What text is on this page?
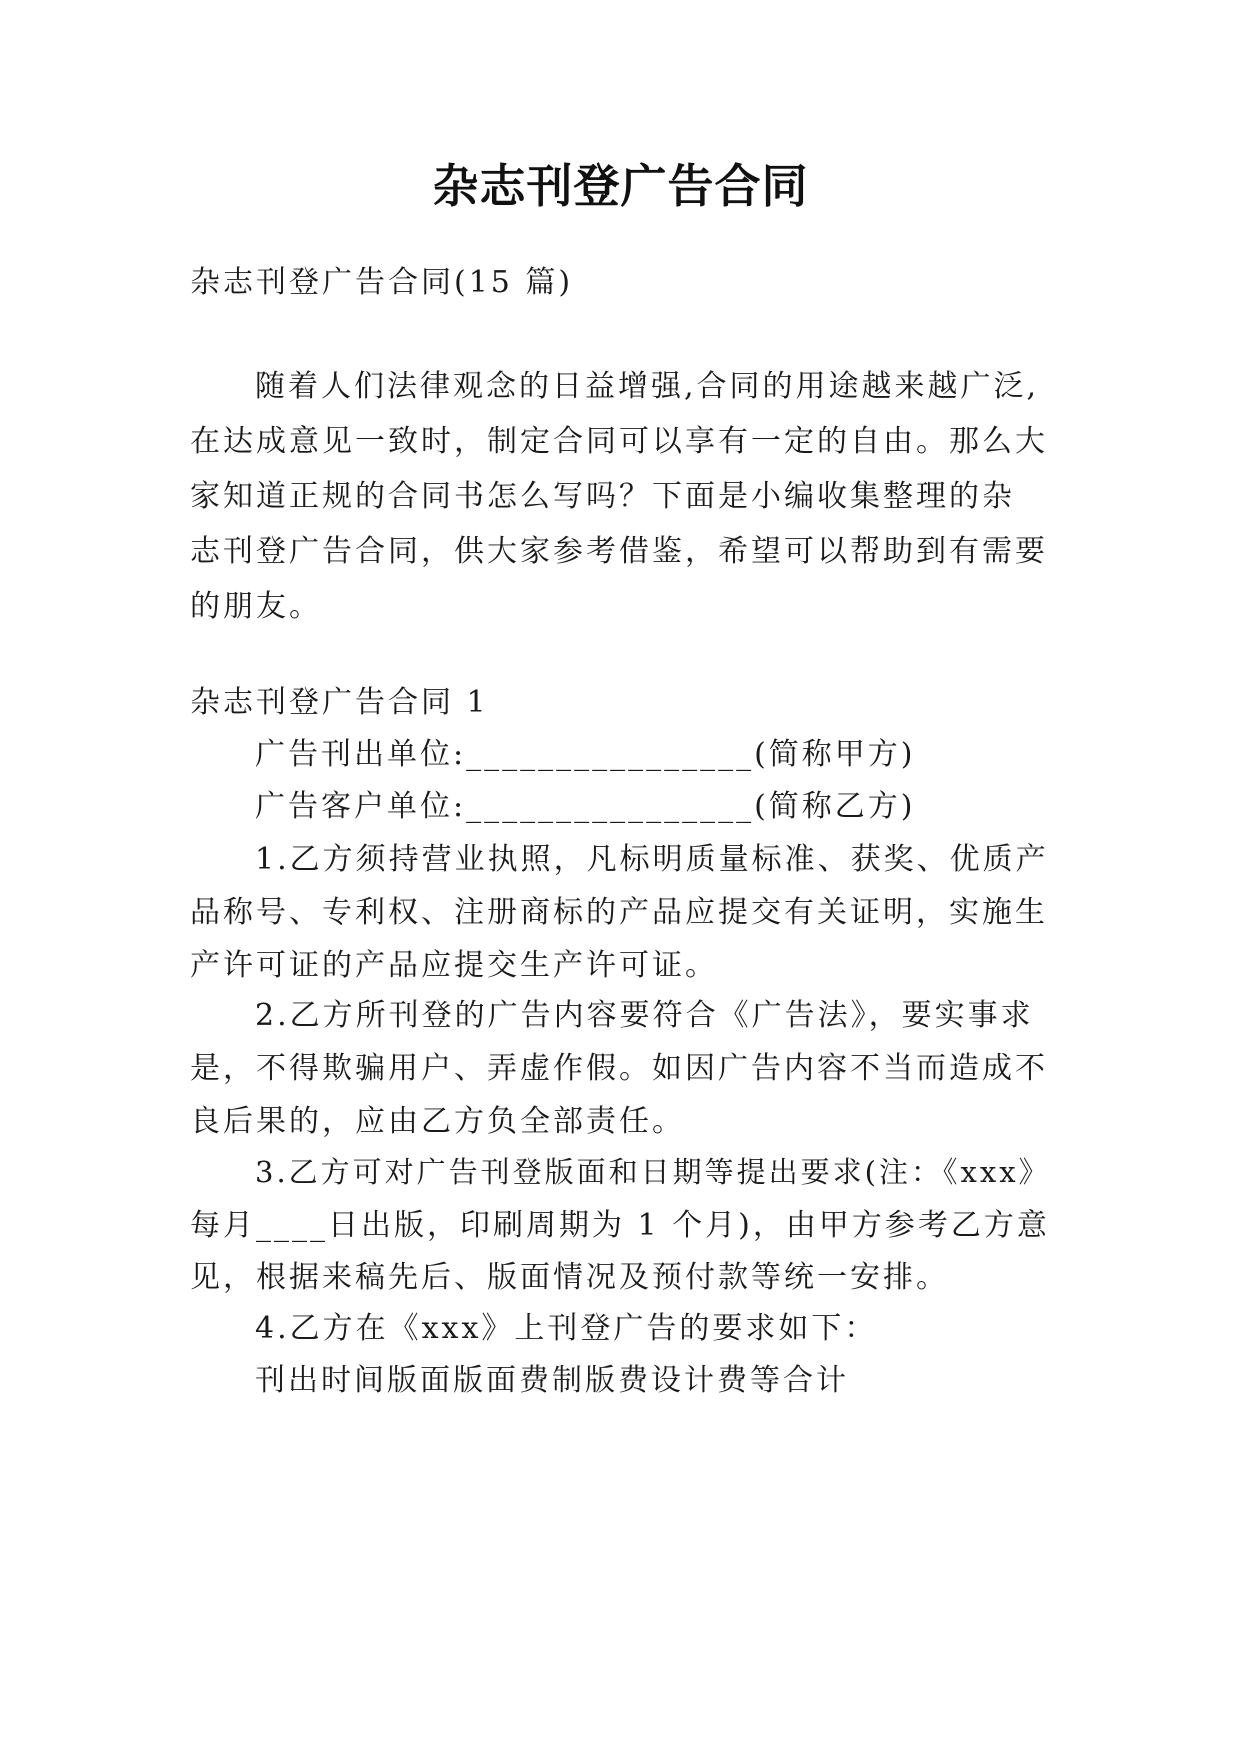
杂志刊登广告合同
杂志刊登广告合同(15 篇)
随着人们法律观念的日益增强,合同的用途越来越广泛,
在达成意见一致时，制定合同可以享有一定的自由。那么大
家知道正规的合同书怎么写吗？下面是小编收集整理的杂
志刊登广告合同，供大家参考借鉴，希望可以帮助到有需要
的朋友。
杂志刊登广告合同 1
广告刊出单位:________________(简称甲方)
广告客户单位:________________(简称乙方)
1.乙方须持营业执照，凡标明质量标准、获奖、优质产
品称号、专利权、注册商标的产品应提交有关证明，实施生
产许可证的产品应提交生产许可证。
2.乙方所刊登的广告内容要符合《广告法》，要实事求
是，不得欺骗用户、弄虚作假。如因广告内容不当而造成不
良后果的，应由乙方负全部责任。
3.乙方可对广告刊登版面和日期等提出要求(注：《xxx》
每月____日出版，印刷周期为 1 个月)，由甲方参考乙方意
见，根据来稿先后、版面情况及预付款等统一安排。
4.乙方在《xxx》上刊登广告的要求如下：
刊出时间版面版面费制版费设计费等合计
